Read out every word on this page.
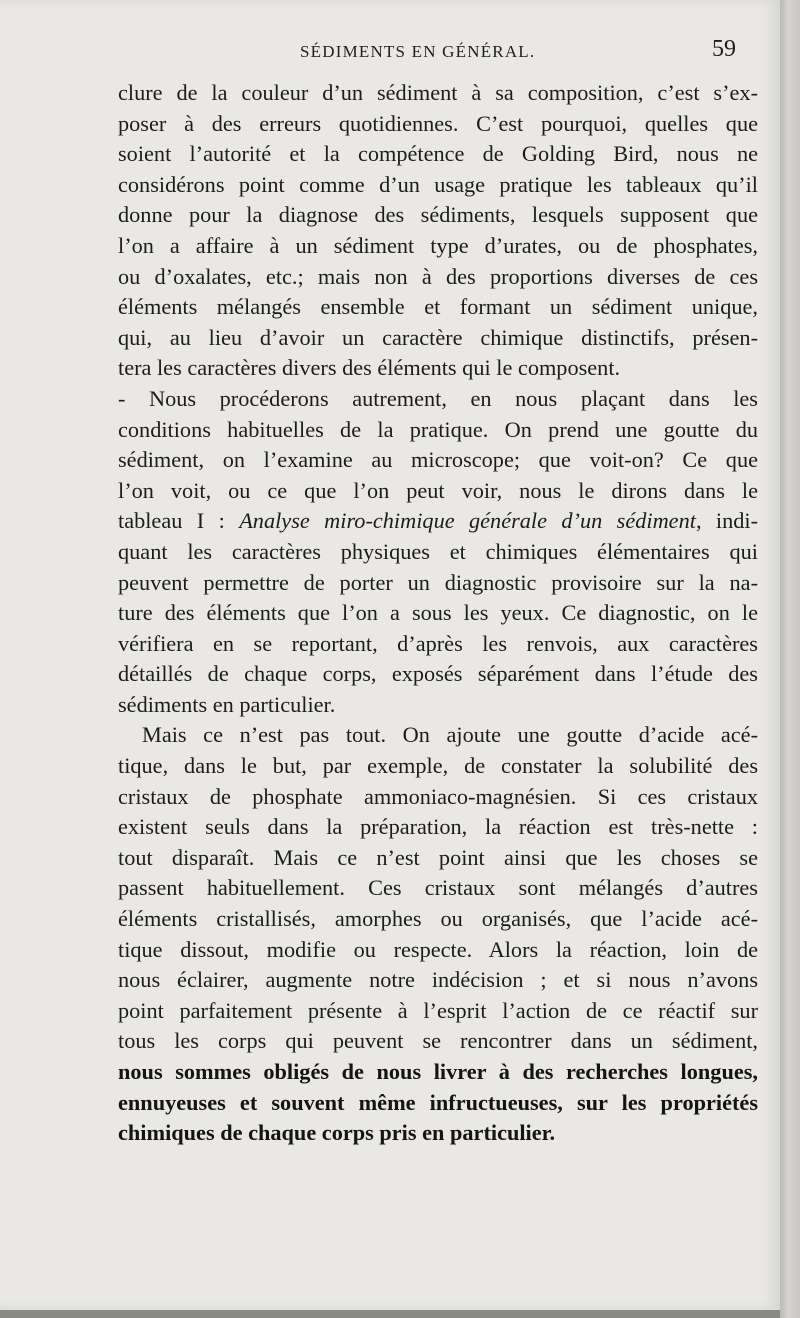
SÉDIMENTS EN GÉNÉRAL.	59
clure de la couleur d’un sédiment à sa composition, c’est s’ex-
poser à des erreurs quotidiennes. C’est pourquoi, quelles que
soient l’autorité et la compétence de Golding Bird, nous ne
considérons point comme d’un usage pratique les tableaux qu’il
donne pour la diagnose des sédiments, lesquels supposent que
l’on a affaire à un sédiment type d’urates, ou de phosphates,
ou d’oxalates, etc.; mais non à des proportions diverses de ces
éléments mélangés ensemble et formant un sédiment unique,
qui, au lieu d’avoir un caractère chimique distinctifs, présen-
tera les caractères divers des éléments qui le composent.
- Nous procéderons autrement, en nous plaçant dans les
conditions habituelles de la pratique. On prend une goutte du
sédiment, on l’examine au microscope; que voit-on? Ce que
l’on voit, ou ce que l’on peut voir, nous le dirons dans le
tableau I : Analyse miro-chimique générale d’un sédiment, indi-
quant les caractères physiques et chimiques élémentaires qui
peuvent permettre de porter un diagnostic provisoire sur la na-
ture des éléments que l’on a sous les yeux. Ce diagnostic, on le
vérifiera en se reportant, d’après les renvois, aux caractères
détaillés de chaque corps, exposés séparément dans l’étude des
sédiments en particulier.
Mais ce n’est pas tout. On ajoute une goutte d’acide acé-
tique, dans le but, par exemple, de constater la solubilité des
cristaux de phosphate ammoniaco-magnésien. Si ces cristaux
existent seuls dans la préparation, la réaction est très-nette :
tout disparaît. Mais ce n’est point ainsi que les choses se
passent habituellement. Ces cristaux sont mélangés d’autres
éléments cristallisés, amorphes ou organisés, que l’acide acé-
tique dissout, modifie ou respecte. Alors la réaction, loin de
nous éclairer, augmente notre indécision ; et si nous n’avons
point parfaitement présente à l’esprit l’action de ce réactif sur
tous les corps qui peuvent se rencontrer dans un sédiment,
nous sommes obligés de nous livrer à des recherches longues,
ennuyeuses et souvent même infructueuses, sur les propriétés
chimiques de chaque corps pris en particulier.
